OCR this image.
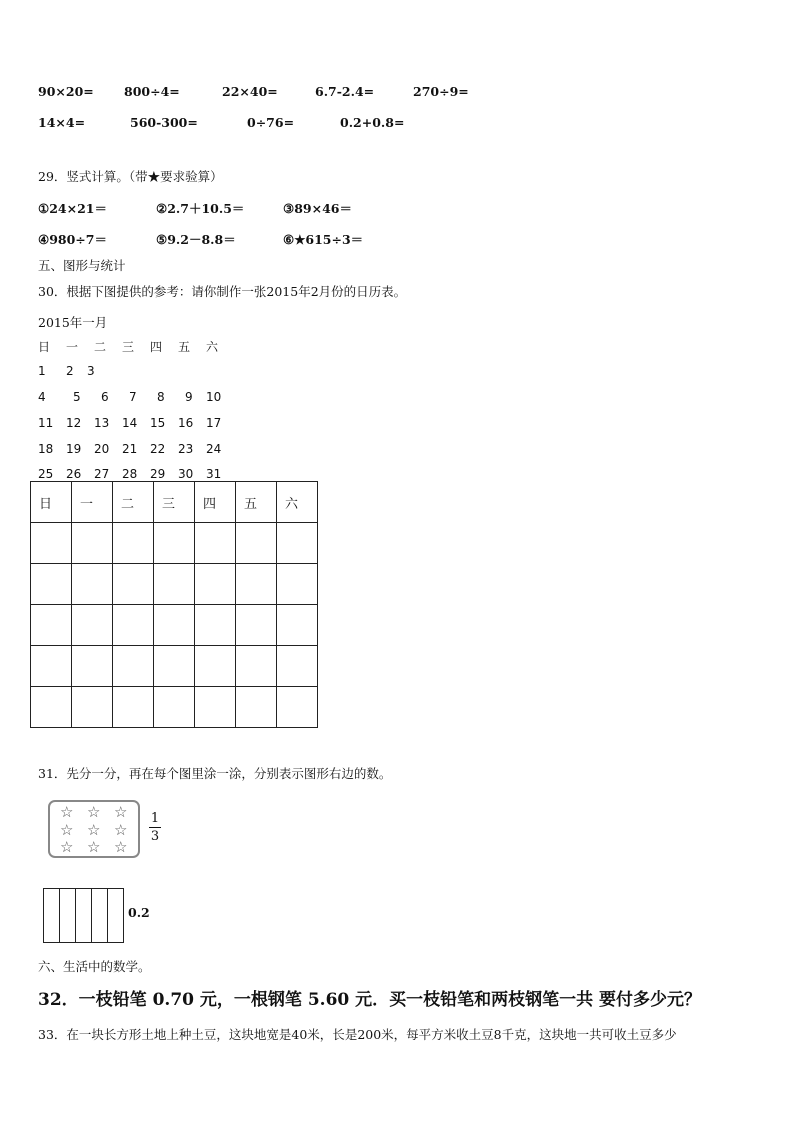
90×20= 800÷4=	22×40=	6.7-2.4=	270÷9=
14×4=	560-300=	0÷76=	0.2+0.8=
29．竖式计算。（带★要求验算）
①24×21＝	②2.7＋10.5＝	③89×46＝
④980÷7＝	⑤9.2－8.8＝	⑥★615÷3＝
五、图形与统计
30．根据下图提供的参考：请你制作一张2015年2月份的日历表。
2015年一月
日 一 二 三 四 五 六
1 2 3
4 5 6 7 8 9 10
11 12 13 14 15 16 17
18 19 20 21 22 23 24
25 26 27 28 29 30 31
日	一	二	三	四	五	六

31．先分一分，再在每个图里涂一涂，分别表示图形右边的数。
☆ ☆ ☆
☆ ☆ ☆
☆ ☆ ☆
1
3
0.2
六、生活中的数学。
32．一枝铅笔 0.70 元，一根钢笔 5.60 元．买一枝铅笔和两枝钢笔一共 要付多少元？
33．在一块长方形土地上种土豆，这块地宽是40米，长是200米，每平方米收土豆8千克，这块地一共可收土豆多少
